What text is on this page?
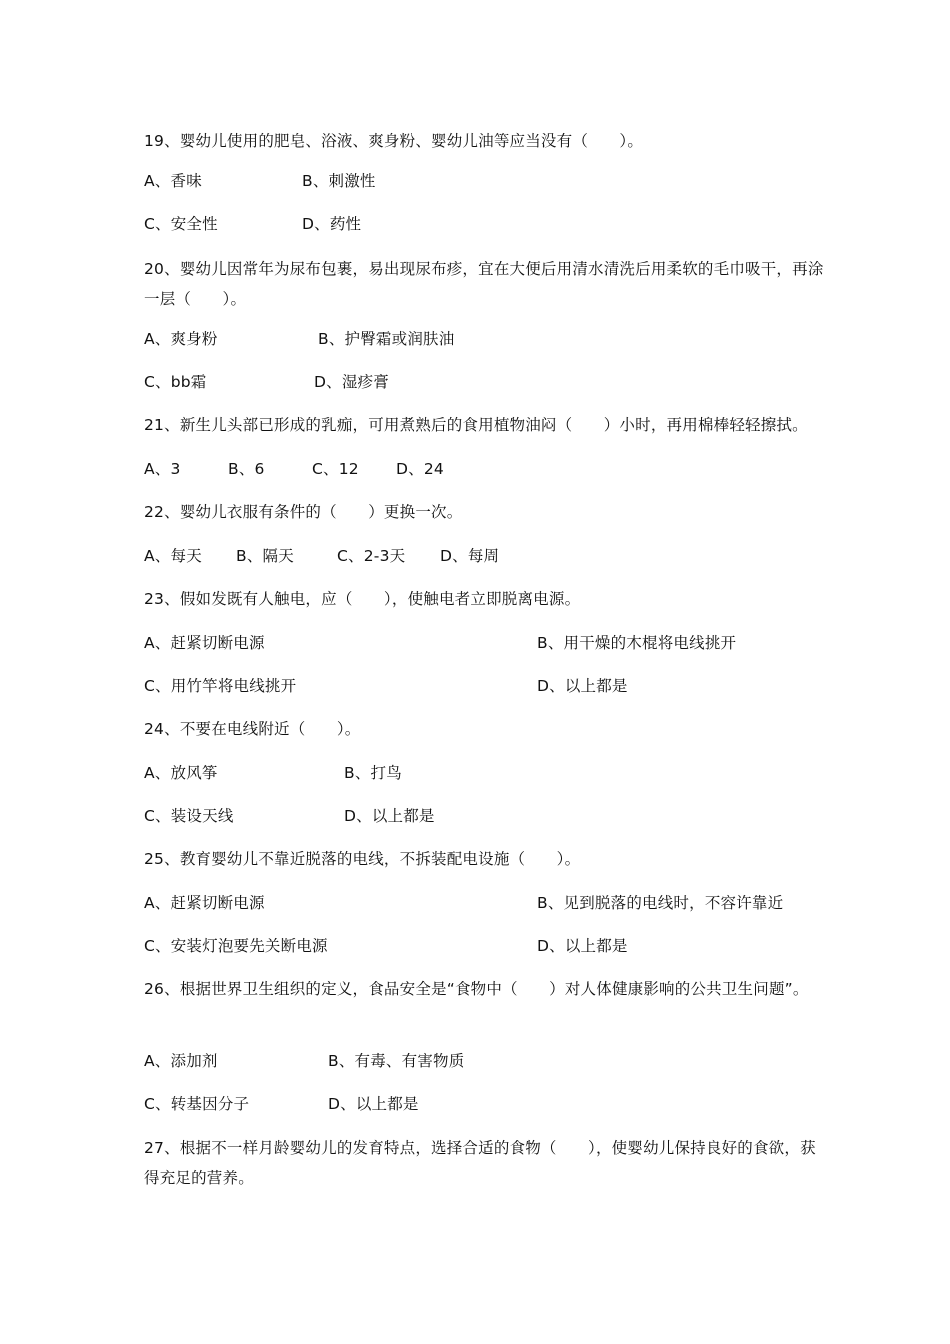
19、婴幼儿使用的肥皂、浴液、爽身粉、婴幼儿油等应当没有（　　）。
A、香味	B、刺激性
C、安全性	D、药性
20、婴幼儿因常年为尿布包裹，易出现尿布疹，宜在大便后用清水清洗后用柔软的毛巾吸干，再涂一层（　　）。
A、爽身粉	B、护臀霜或润肤油
C、bb霜	D、湿疹膏
21、新生儿头部已形成的乳痂，可用煮熟后的食用植物油闷（　　）小时，再用棉棒轻轻擦拭。
A、3	B、6	C、12 D、24
22、婴幼儿衣服有条件的（　　）更换一次。
A、每天 B、隔天	C、2-3天 D、每周
23、假如发既有人触电，应（　　），使触电者立即脱离电源。
A、赶紧切断电源	B、用干燥的木棍将电线挑开
C、用竹竿将电线挑开	D、以上都是
24、不要在电线附近（　　）。
A、放风筝	B、打鸟
C、装设天线	D、以上都是
25、教育婴幼儿不靠近脱落的电线，不拆装配电设施（　　）。
A、赶紧切断电源	B、见到脱落的电线时，不容许靠近
C、安装灯泡要先关断电源	D、以上都是
26、根据世界卫生组织的定义，食品安全是“食物中（　　）对人体健康影响的公共卫生问题”。
A、添加剂	B、有毒、有害物质
C、转基因分子	D、以上都是
27、根据不一样月龄婴幼儿的发育特点，选择合适的食物（　　），使婴幼儿保持良好的食欲，获得充足的营养。
